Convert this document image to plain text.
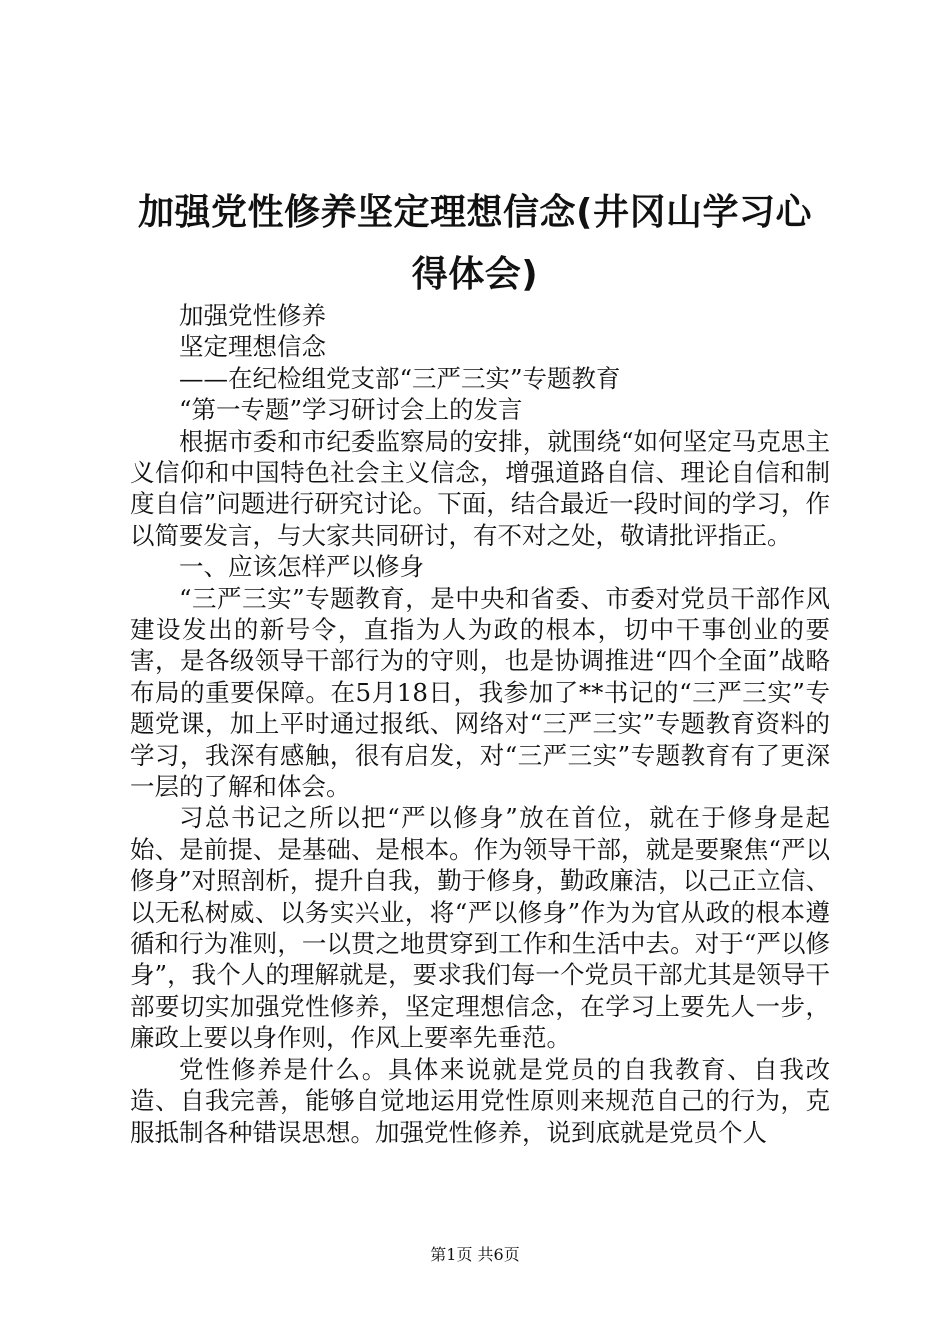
加强党性修养坚定理想信念(井冈山学习心得体会)

加强党性修养

坚定理想信念

——在纪检组党支部“三严三实”专题教育

“第一专题”学习研讨会上的发言

根据市委和市纪委监察局的安排，就围绕“如何坚定马克思主义信仰和中国特色社会主义信念，增强道路自信、理论自信和制度自信”问题进行研究讨论。下面，结合最近一段时间的学习，作以简要发言，与大家共同研讨，有不对之处，敬请批评指正。

一、应该怎样严以修身

“三严三实”专题教育，是中央和省委、市委对党员干部作风建设发出的新号令，直指为人为政的根本，切中干事创业的要害，是各级领导干部行为的守则，也是协调推进“四个全面”战略布局的重要保障。在5月18日，我参加了**书记的“三严三实”专题党课，加上平时通过报纸、网络对“三严三实”专题教育资料的学习，我深有感触，很有启发，对“三严三实”专题教育有了更深一层的了解和体会。

习总书记之所以把“严以修身”放在首位，就在于修身是起始、是前提、是基础、是根本。作为领导干部，就是要聚焦“严以修身”对照剖析，提升自我，勤于修身，勤政廉洁，以己正立信、以无私树威、以务实兴业，将“严以修身”作为为官从政的根本遵循和行为准则，一以贯之地贯穿到工作和生活中去。对于“严以修身”，我个人的理解就是，要求我们每一个党员干部尤其是领导干部要切实加强党性修养，坚定理想信念，在学习上要先人一步，廉政上要以身作则，作风上要率先垂范。

党性修养是什么。具体来说就是党员的自我教育、自我改造、自我完善，能够自觉地运用党性原则来规范自己的行为，克服抵制各种错误思想。加强党性修养，说到底就是党员个人

第1页 共6页
